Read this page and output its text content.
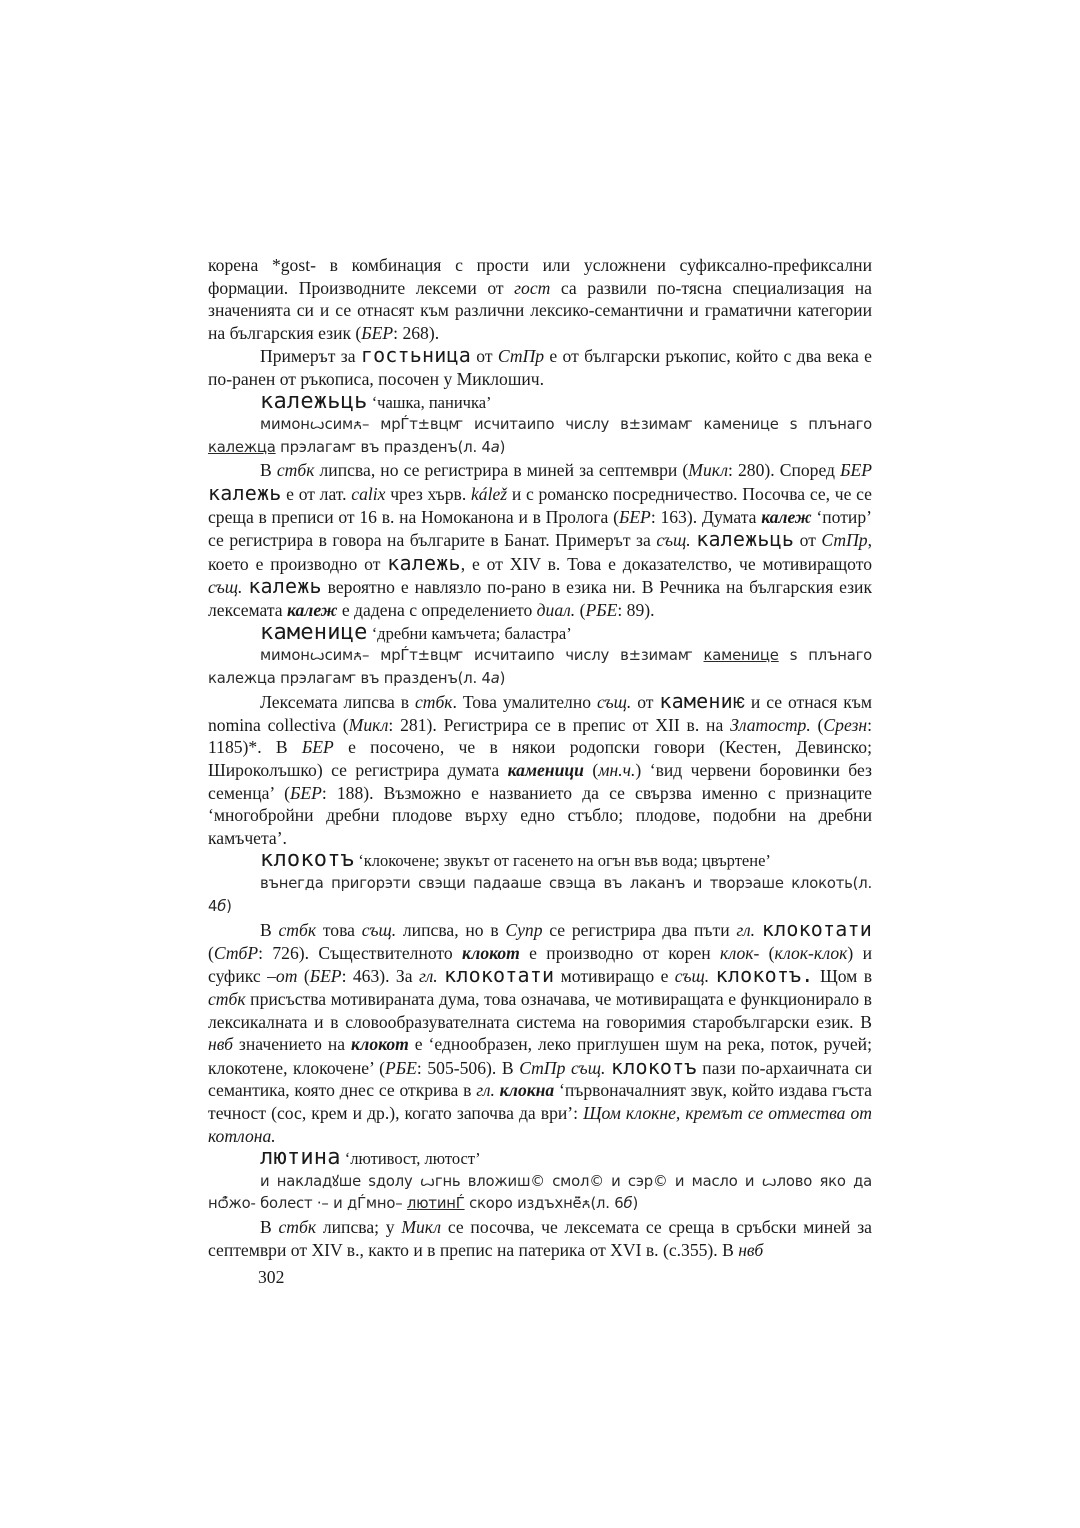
корена *gost- в комбинация с прости или усложнени суфиксално-префиксални формации. Производните лексеми от гост са развили по-тясна специализация на значенията си и се отнасят към различни лексико-семантични и граматични категории на българския език (БЕР: 268).

Примерът за гостьница от СтПр е от български ръкопис, който с два века е по-ранен от ръкописа, посочен у Миклошич.

калежьць ‘чашка, паничка’

мимонꙍсимꙉ– мрЃт±вцꙧ исчитаипо числу в±зимаꙧ каменице ѕ плънаго калежца прэлагаꙧ въ празденъ(л. 4а)

В стбк липсва, но се регистрира в миней за септември (Микл: 280). Според БЕР калежь е от лат. calix чрез хърв. kálež и с романско посредничество. Посочва се, че се среща в преписи от 16 в. на Номоканона и в Пролога (БЕР: 163). Думата калеж ‘потир’ се регистрира в говора на българите в Банат. Примерът за същ. калежьць от СтПр, което е производно от калежь, е от XIV в. Това е доказателство, че мотивиращото същ. калежь вероятно е навлязло по-рано в езика ни. В Речника на българския език лексемата калеж е дадена с определението диал. (РБЕ: 89).

каменице ‘дребни камъчета; баластра’

мимонꙍсимꙉ– мрЃт±вцꙧ исчитаипо числу в±зимаꙧ каменице ѕ плънаго калежца прэлагаꙧ въ празденъ(л. 4а)

Лексемата липсва в стбк. Това умалително същ. от камениѥ и се отнася към nomina collectiva (Микл: 281). Регистрира се в препис от XII в. на Златостр. (Срезн: 1185)*. В БЕР е посочено, че в някои родопски говори (Кестен, Девинско; Широколъшко) се регистрира думата камeници (мн.ч.) ‘вид червени боровинки без семенца’ (БЕР: 188). Възможно е названието да се свързва именно с признаците ‘многобройни дребни плодове върху едно стъбло; плодове, подобни на дребни камъчета’.

клокотъ ‘клокочене; звукът от гасенето на огън във вода; цвъртене’

вънегда пригорэти свэщи падааше свэща въ лаканъ и творэаше клокоть(л. 4б)

В стбк това същ. липсва, но в Супр се регистрира два пъти гл. клокотати (СтбР: 726). Съществителното клокот е производно от корен клок- (клок-клок) и суфикс –от (БЕР: 463). За гл. клокотати мотивиращо е същ. клокотъ. Щом в стбк присъства мотивираната дума, това означава, че мотивиращата е функционирало в лексикалната и в словообразувателната система на говоримия старобългарски език. В нвб значението на клокот е ‘еднообразен, леко приглушен шум на река, поток, ручей; клокотене, клокочене’ (РБЕ: 505-506). В СтПр същ. клокотъ пази по-архаичната си семантика, която днес се открива в гл. клокна ‘първоначалният звук, който издава гъста течност (сос, крем и др.), когато започва да ври’: Щом клокне, кремът се отмества от котлона.

лютина ‘лютивост, лютост’

и накладꙋше ѕдолу ꙍгнь вложиш© смол© и сэр© и масло и ꙍлово яко да нѻ҆̃жо- болест ·– и дЃмно– лютинЃ скоро издъхнё̃ꙉ(л. 6б)

В стбк липсва; у Микл се посочва, че лексемата се среща в сръбски миней за септември от XIV в., както и в препис на патерика от XVI в. (с.355). В нвб

302
